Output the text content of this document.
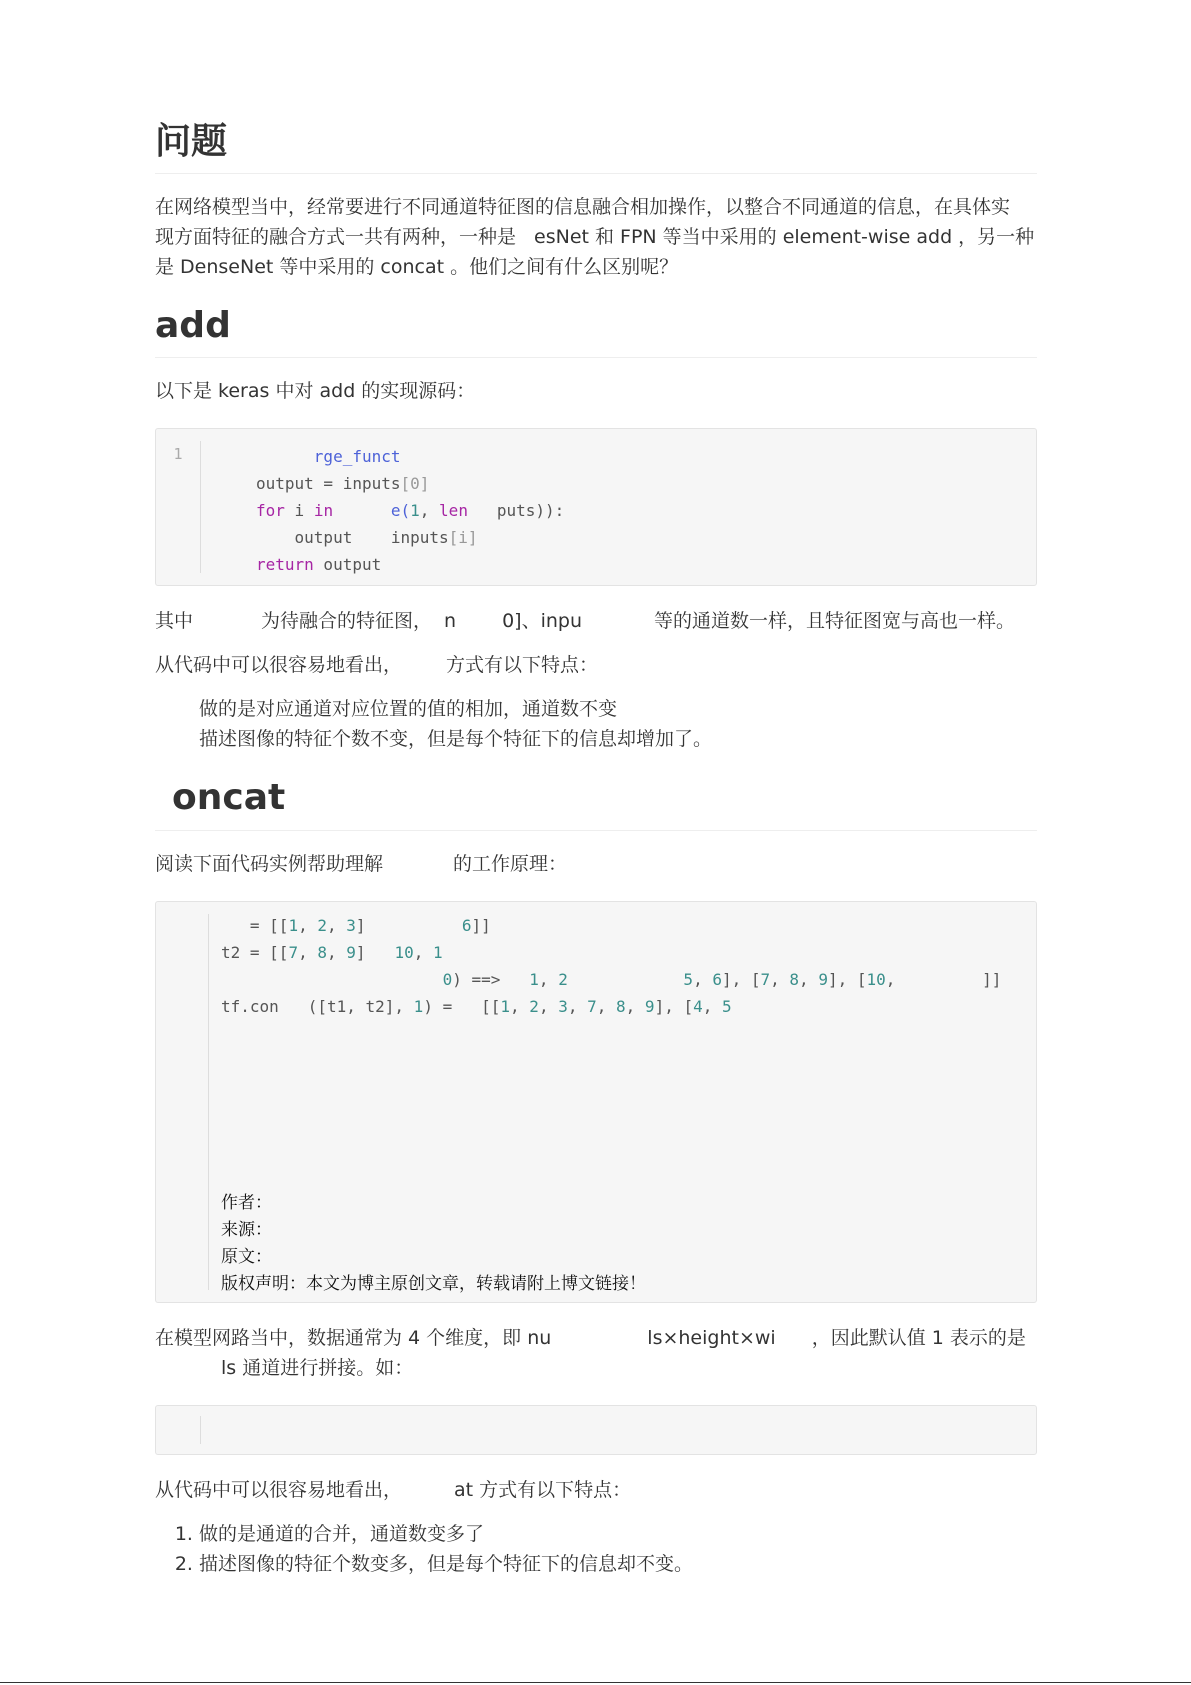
问题

在网络模型当中，经常要进行不同通道特征图的信息融合相加操作，以整合不同通道的信息，在具体实
现方面特征的融合方式一共有两种，一种是 esNet 和 FPN 等当中采用的 element-wise add ，另一种
是 DenseNet 等中采用的 concat 。他们之间有什么区别呢？

add

以下是 keras 中对 add 的实现源码：

1	rge_funct
output = inputs[0]
for i in	e(1, len puts)):
output inputs[i]
return output

其中	为待融合的特征图， n 0]、inpu	等的通道数一样，且特征图宽与高也一样。

从代码中可以很容易地看出， 方式有以下特点：

做的是对应通道对应位置的值的相加，通道数不变
描述图像的特征个数不变，但是每个特征下的信息却增加了。
oncat

阅读下面代码实例帮助理解	的工作原理：

= [[1, 2, 3]	6]]
t2 = [[7, 8, 9] 10, 1
0) ==> 1, 2	5, 6], [7, 8, 9], [10,	]]
tf.con ([t1, t2], 1) = [[1, 2, 3, 7, 8, 9], [4, 5
作者：
来源：
原文：
版权声明：本文为博主原创文章，转载请附上博文链接！

在模型网路当中，数据通常为 4 个维度，即 nu	ls×height×wi ，因此默认值 1 表示的是
ls 通道进行拼接。如：

从代码中可以很容易地看出，	at 方式有以下特点：

1. 做的是通道的合并，通道数变多了
2. 描述图像的特征个数变多，但是每个特征下的信息却不变。
